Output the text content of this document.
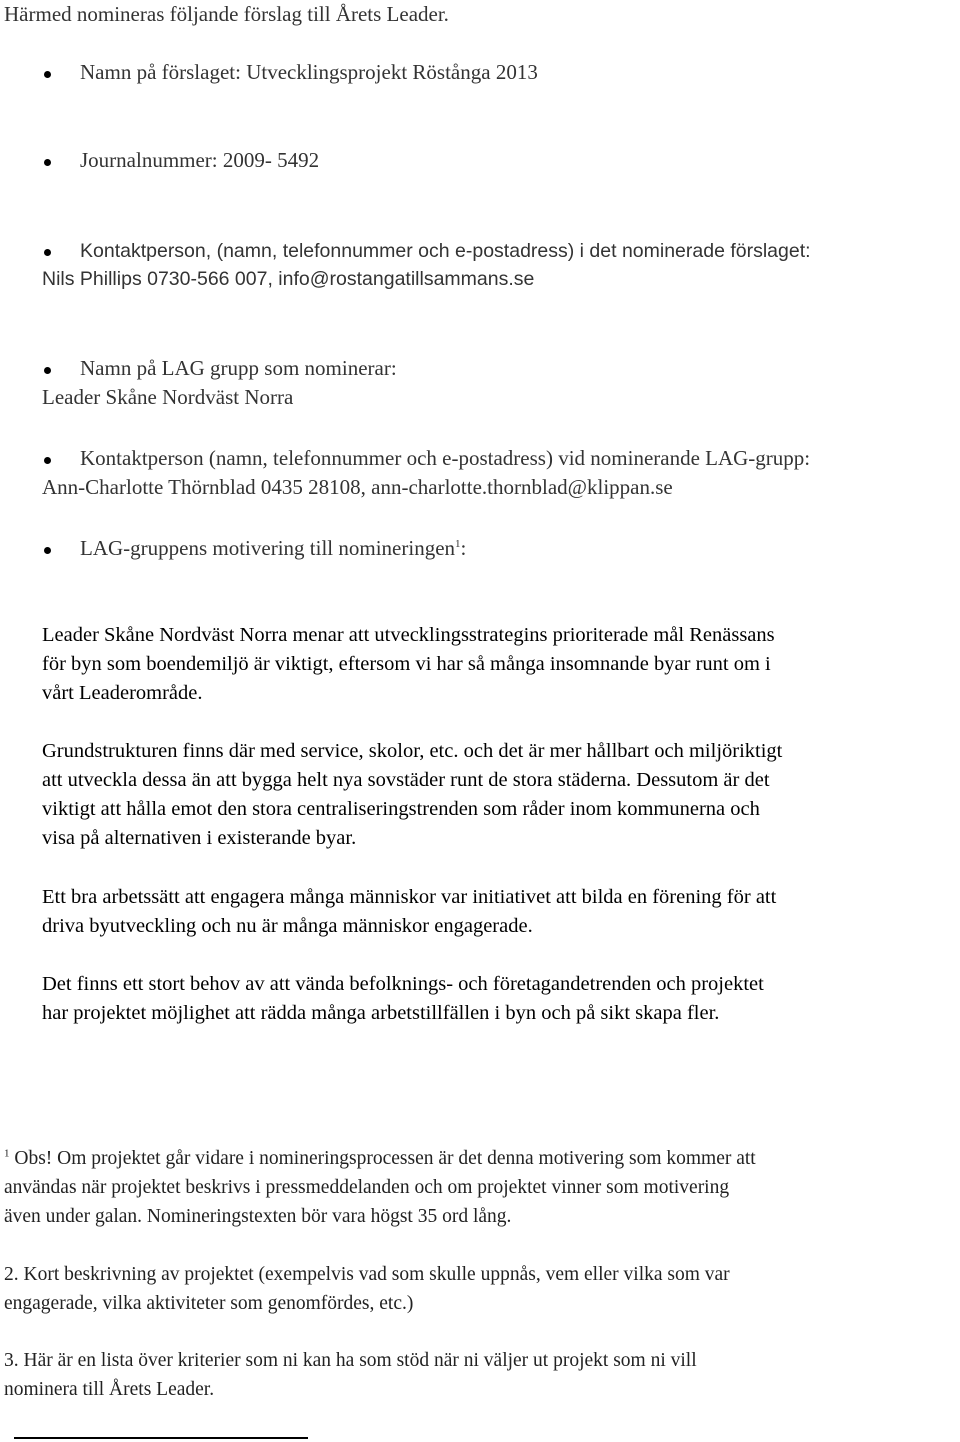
Härmed nomineras följande förslag till Årets Leader.
Namn på förslaget: Utvecklingsprojekt Röstånga 2013
Journalnummer: 2009- 5492
Kontaktperson, (namn, telefonnummer och e-postadress) i det nominerade förslaget:
Nils Phillips 0730-566 007, info@rostangatillsammans.se
Namn på LAG grupp som nominerar:
Leader Skåne Nordväst Norra
Kontaktperson (namn, telefonnummer och e-postadress) vid nominerande LAG-grupp:
Ann-Charlotte Thörnblad 0435 28108, ann-charlotte.thornblad@klippan.se
LAG-gruppens motivering till nomineringen$^1$:
Leader Skåne Nordväst Norra menar att utvecklingsstrategins prioriterade mål Renässans
för byn som boendemiljö är viktigt, eftersom vi har så många insomnande byar runt om i
vårt Leaderområde.
Grundstrukturen finns där med service, skolor, etc. och det är mer hållbart och miljöriktigt
att utveckla dessa än att bygga helt nya sovstäder runt de stora städerna. Dessutom är det
viktigt att hålla emot den stora centraliseringstrenden som råder inom kommunerna och
visa på alternativen i existerande byar.
Ett bra arbetssätt att engagera många människor var initiativet att bilda en förening för att
driva byutveckling och nu är många människor engagerade.
Det finns ett stort behov av att vända befolknings- och företagandetrenden och projektet
har projektet möjlighet att rädda många arbetstillfällen i byn och på sikt skapa fler.
$^1$ Obs! Om projektet går vidare i nomineringsprocessen är det denna motivering som kommer att
användas när projektet beskrivs i pressmeddelanden och om projektet vinner som motivering
även under galan. Nomineringstexten bör vara högst 35 ord lång.
2. Kort beskrivning av projektet (exempelvis vad som skulle uppnås, vem eller vilka som var
engagerade, vilka aktiviteter som genomfördes, etc.)
3. Här är en lista över kriterier som ni kan ha som stöd när ni väljer ut projekt som ni vill
nominera till Årets Leader.
